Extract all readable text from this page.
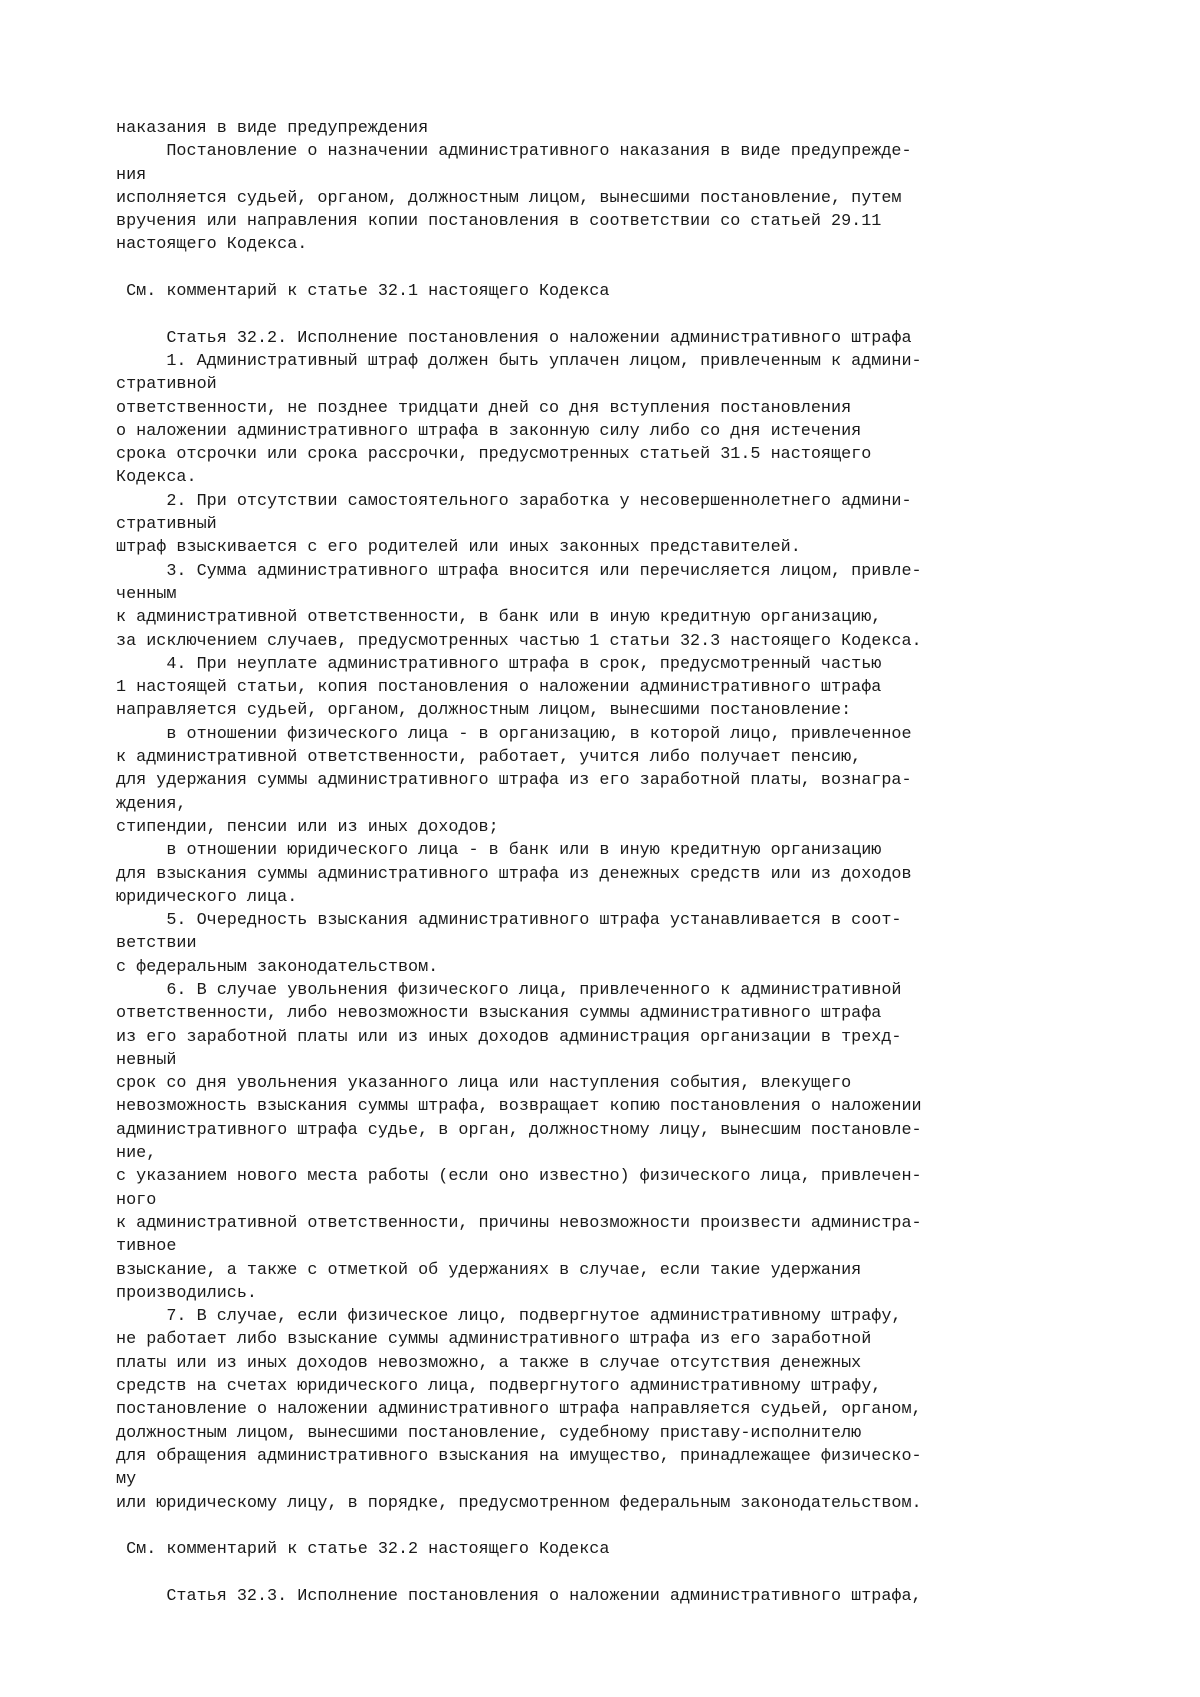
наказания в виде предупреждения
Постановление о назначении административного наказания в виде предупрежде-
ния
исполняется судьей, органом, должностным лицом, вынесшими постановление, путем
вручения или направления копии постановления в соответствии со статьей 29.11
настоящего Кодекса.
См. комментарий к статье 32.1 настоящего Кодекса
Статья 32.2. Исполнение постановления о наложении административного штрафа
1. Административный штраф должен быть уплачен лицом, привлеченным к админи-
стративной
ответственности, не позднее тридцати дней со дня вступления постановления
о наложении административного штрафа в законную силу либо со дня истечения
срока отсрочки или срока рассрочки, предусмотренных статьей 31.5 настоящего
Кодекса.
2. При отсутствии самостоятельного заработка у несовершеннолетнего админи-
стративный
штраф взыскивается с его родителей или иных законных представителей.
3. Сумма административного штрафа вносится или перечисляется лицом, привле-
ченным
к административной ответственности, в банк или в иную кредитную организацию,
за исключением случаев, предусмотренных частью 1 статьи 32.3 настоящего Кодекса.
4. При неуплате административного штрафа в срок, предусмотренный частью
1 настоящей статьи, копия постановления о наложении административного штрафа
направляется судьей, органом, должностным лицом, вынесшими постановление:
в отношении физического лица - в организацию, в которой лицо, привлеченное
к административной ответственности, работает, учится либо получает пенсию,
для удержания суммы административного штрафа из его заработной платы, вознагра-
ждения,
стипендии, пенсии или из иных доходов;
в отношении юридического лица - в банк или в иную кредитную организацию
для взыскания суммы административного штрафа из денежных средств или из доходов
юридического лица.
5. Очередность взыскания административного штрафа устанавливается в соот-
ветствии
с федеральным законодательством.
6. В случае увольнения физического лица, привлеченного к административной
ответственности, либо невозможности взыскания суммы административного штрафа
из его заработной платы или из иных доходов администрация организации в трехд-
невный
срок со дня увольнения указанного лица или наступления события, влекущего
невозможность взыскания суммы штрафа, возвращает копию постановления о наложении
административного штрафа судье, в орган, должностному лицу, вынесшим постановле-
ние,
с указанием нового места работы (если оно известно) физического лица, привлечен-
ного
к административной ответственности, причины невозможности произвести администра-
тивное
взыскание, а также с отметкой об удержаниях в случае, если такие удержания
производились.
7. В случае, если физическое лицо, подвергнутое административному штрафу,
не работает либо взыскание суммы административного штрафа из его заработной
платы или из иных доходов невозможно, а также в случае отсутствия денежных
средств на счетах юридического лица, подвергнутого административному штрафу,
постановление о наложении административного штрафа направляется судьей, органом,
должностным лицом, вынесшими постановление, судебному приставу-исполнителю
для обращения административного взыскания на имущество, принадлежащее физическо-
му
или юридическому лицу, в порядке, предусмотренном федеральным законодательством.
См. комментарий к статье 32.2 настоящего Кодекса
Статья 32.3. Исполнение постановления о наложении административного штрафа,
